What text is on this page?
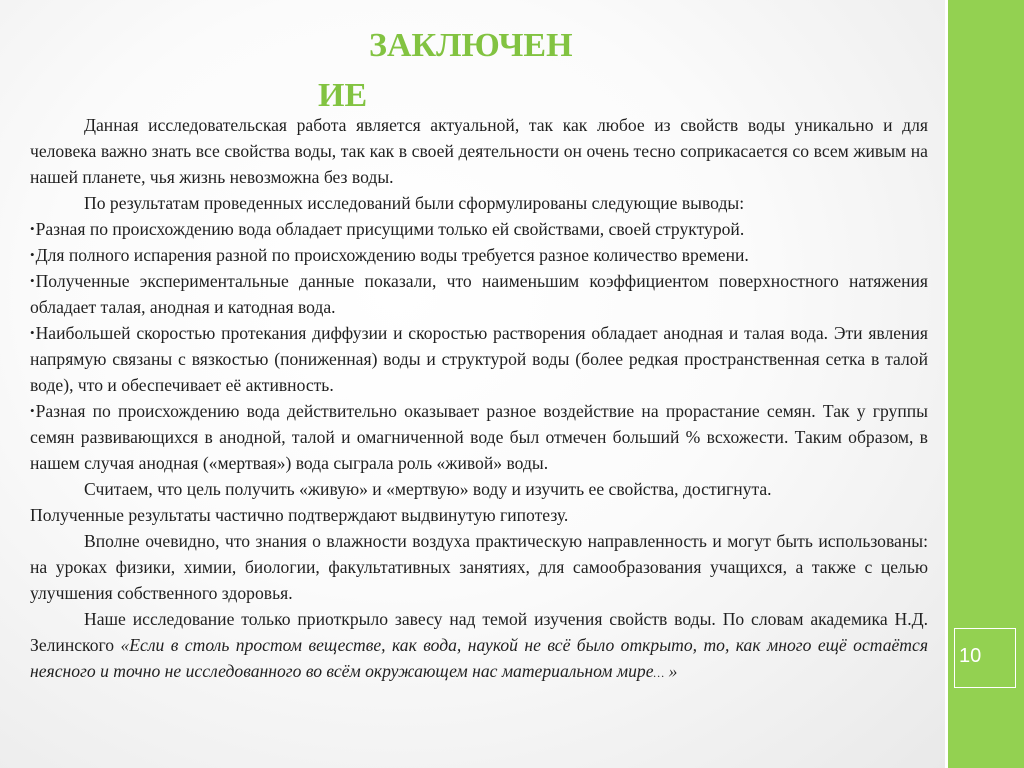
10
ЗАКЛЮЧЕН
ИЕ

Данная исследовательская работа является актуальной, так как любое из свойств воды уникально и для человека важно знать все свойства воды, так как в своей деятельности он очень тесно соприкасается со всем живым на нашей планете, чья жизнь невозможна без воды.

По результатам проведенных исследований были сформулированы следующие выводы:

•Разная по происхождению вода обладает присущими только ей свойствами, своей структурой.

•Для полного испарения разной по происхождению воды требуется разное количество времени.

•Полученные экспериментальные данные показали, что наименьшим коэффициентом поверхностного натяжения обладает талая, анодная и катодная вода.

•Наибольшей скоростью протекания диффузии и скоростью растворения обладает анодная и талая вода. Эти явления напрямую связаны с вязкостью (пониженная) воды и структурой воды (более редкая пространственная сетка в талой воде), что и обеспечивает её активность.

•Разная по происхождению вода действительно оказывает разное воздействие на прорастание семян. Так у группы семян развивающихся в анодной, талой и омагниченной воде был отмечен больший % всхожести. Таким образом, в нашем случая анодная («мертвая») вода сыграла роль «живой» воды.

Считаем, что цель получить «живую» и «мертвую» воду и изучить ее свойства, достигнута.

Полученные результаты частично подтверждают выдвинутую гипотезу.

Вполне очевидно, что знания о влажности воздуха практическую направленность и могут быть использованы: на уроках физики, химии, биологии, факультативных занятиях, для самообразования учащихся, а также с целью улучшения собственного здоровья.

Наше исследование только приоткрыло завесу над темой изучения свойств воды. По словам академика Н.Д. Зелинского «Если в столь простом веществе, как вода, наукой не всё было открыто, то, как много ещё остаётся неясного и точно не исследованного во всём окружающем нас материальном мире… »
